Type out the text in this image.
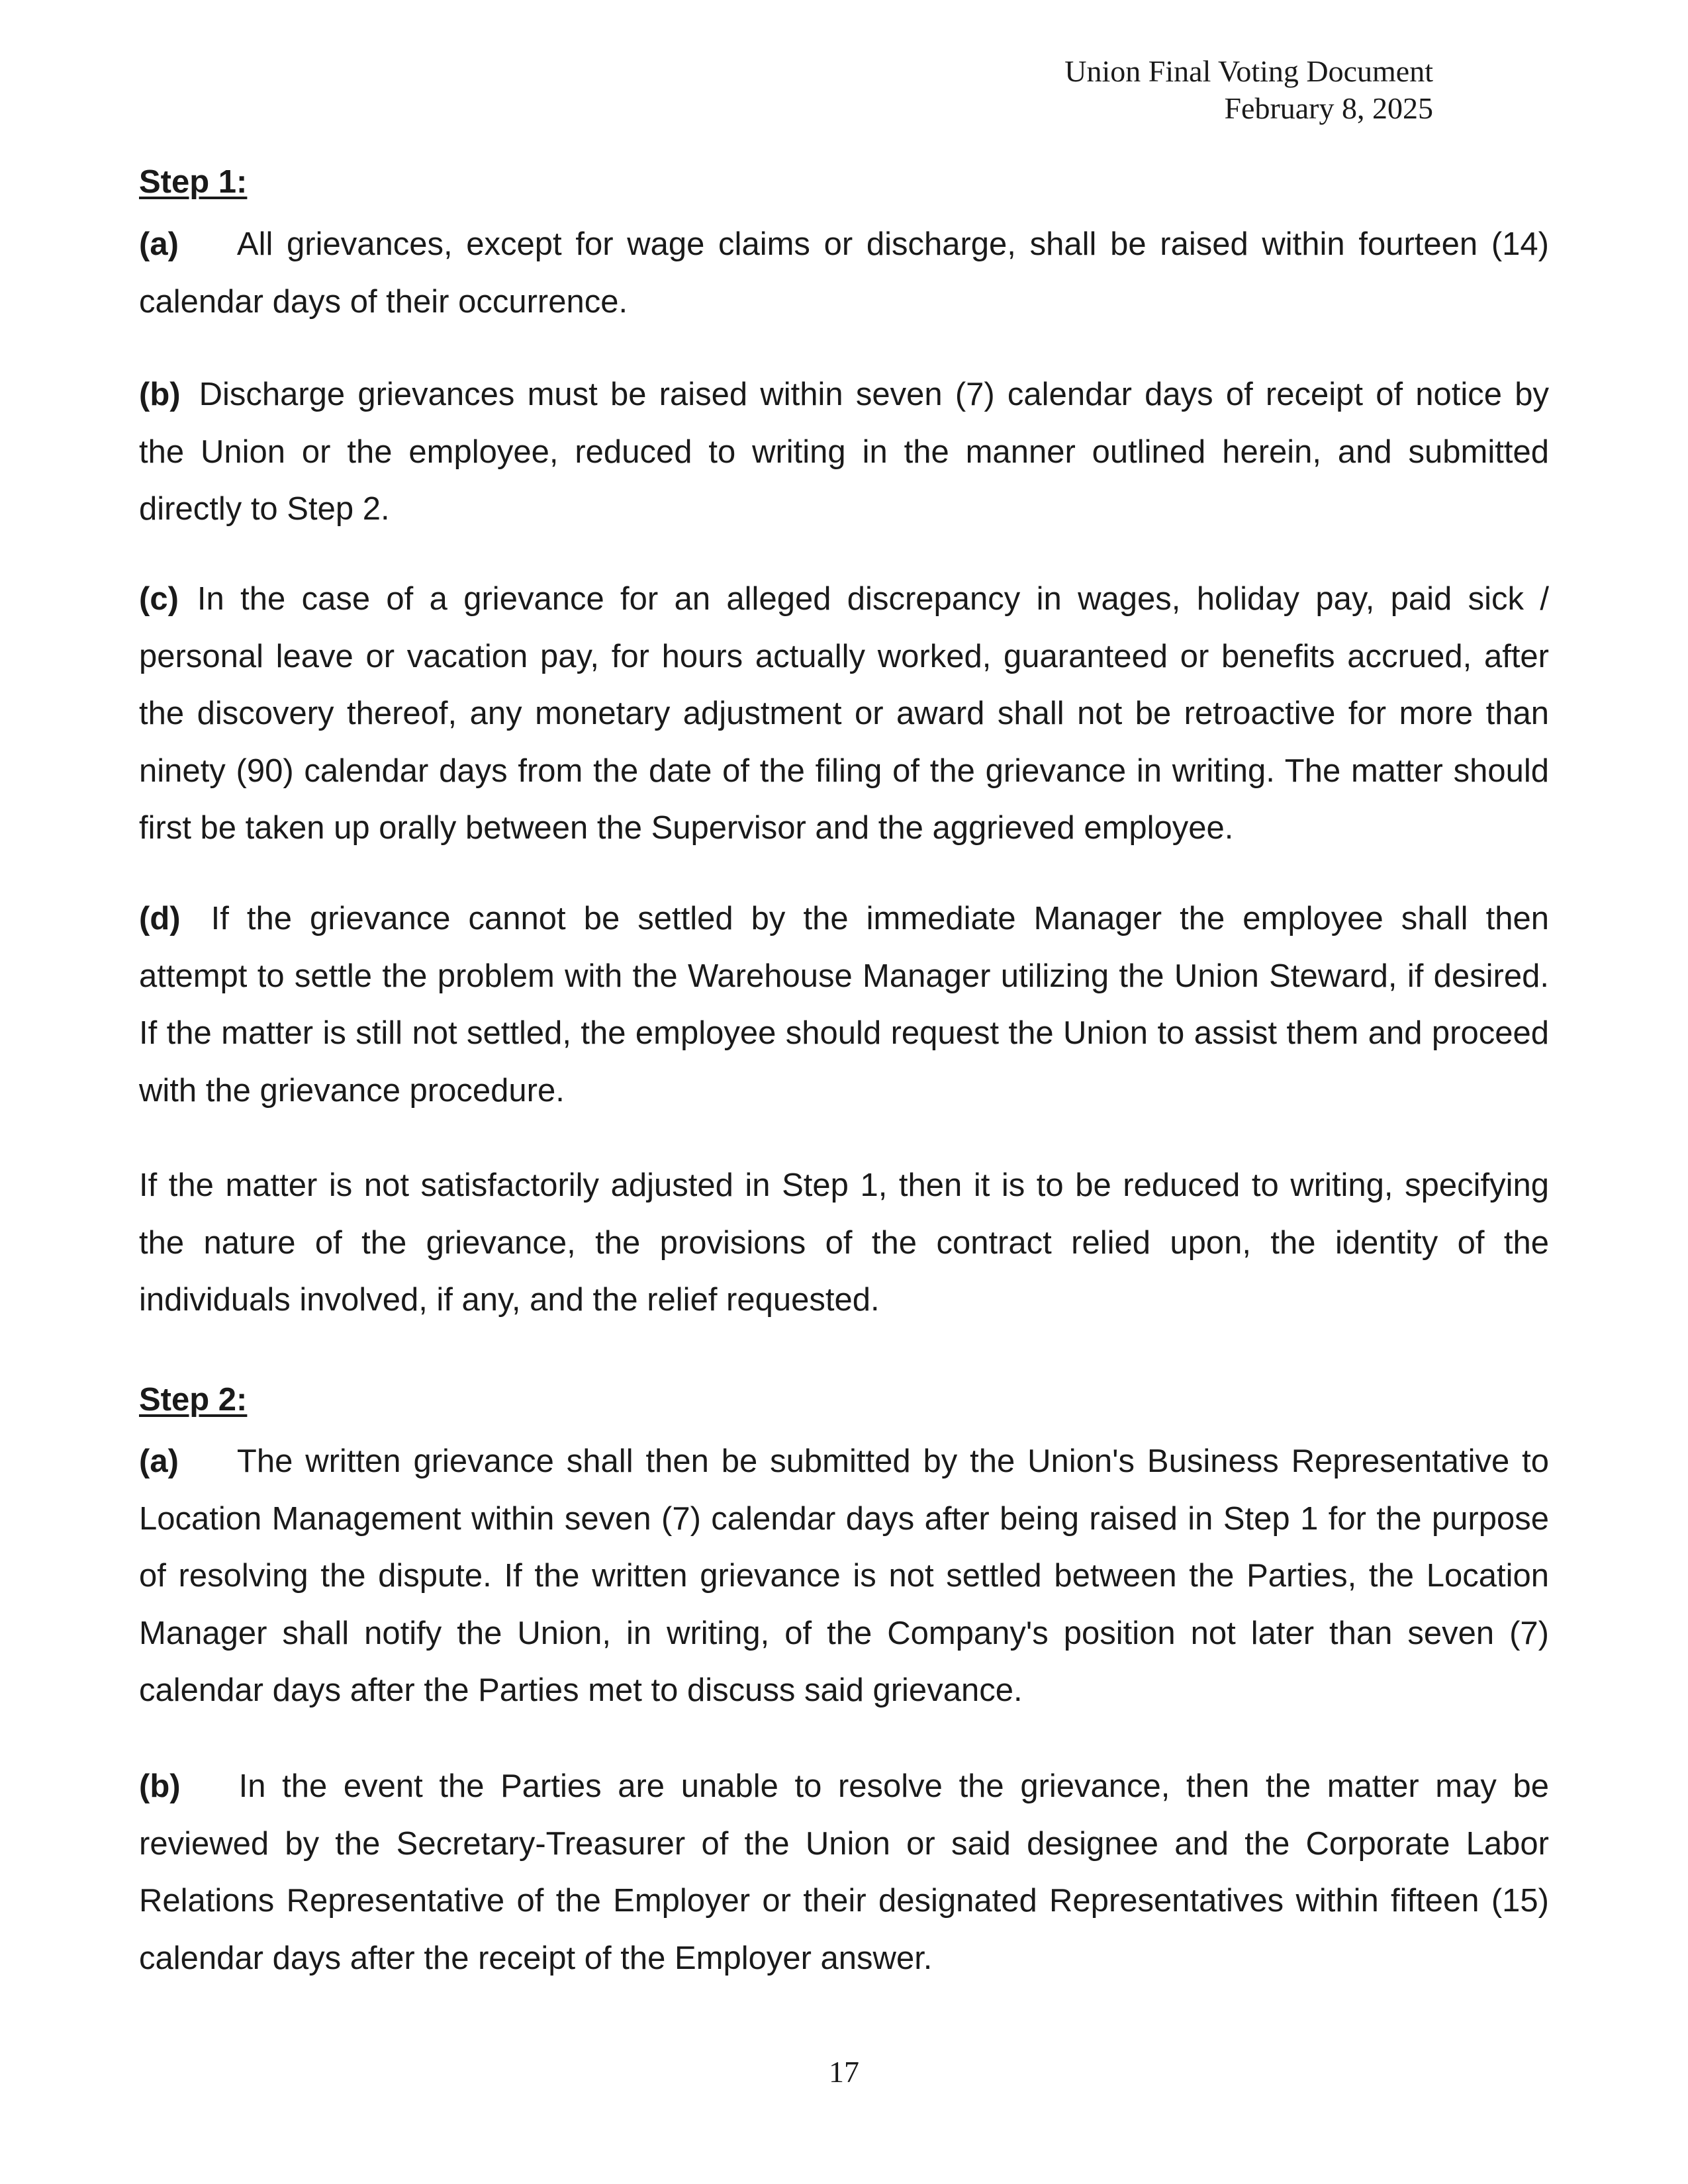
Union Final Voting Document
February 8, 2025

Step 1:

(a) All grievances, except for wage claims or discharge, shall be raised within fourteen (14) calendar days of their occurrence.

(b) Discharge grievances must be raised within seven (7) calendar days of receipt of notice by the Union or the employee, reduced to writing in the manner outlined herein, and submitted directly to Step 2.

(c) In the case of a grievance for an alleged discrepancy in wages, holiday pay, paid sick / personal leave or vacation pay, for hours actually worked, guaranteed or benefits accrued, after the discovery thereof, any monetary adjustment or award shall not be retroactive for more than ninety (90) calendar days from the date of the filing of the grievance in writing. The matter should first be taken up orally between the Supervisor and the aggrieved employee.

(d) If the grievance cannot be settled by the immediate Manager the employee shall then attempt to settle the problem with the Warehouse Manager utilizing the Union Steward, if desired. If the matter is still not settled, the employee should request the Union to assist them and proceed with the grievance procedure.

If the matter is not satisfactorily adjusted in Step 1, then it is to be reduced to writing, specifying the nature of the grievance, the provisions of the contract relied upon, the identity of the individuals involved, if any, and the relief requested.

Step 2:

(a) The written grievance shall then be submitted by the Union's Business Representative to Location Management within seven (7) calendar days after being raised in Step 1 for the purpose of resolving the dispute. If the written grievance is not settled between the Parties, the Location Manager shall notify the Union, in writing, of the Company's position not later than seven (7) calendar days after the Parties met to discuss said grievance.

(b) In the event the Parties are unable to resolve the grievance, then the matter may be reviewed by the Secretary-Treasurer of the Union or said designee and the Corporate Labor Relations Representative of the Employer or their designated Representatives within fifteen (15) calendar days after the receipt of the Employer answer.

17
